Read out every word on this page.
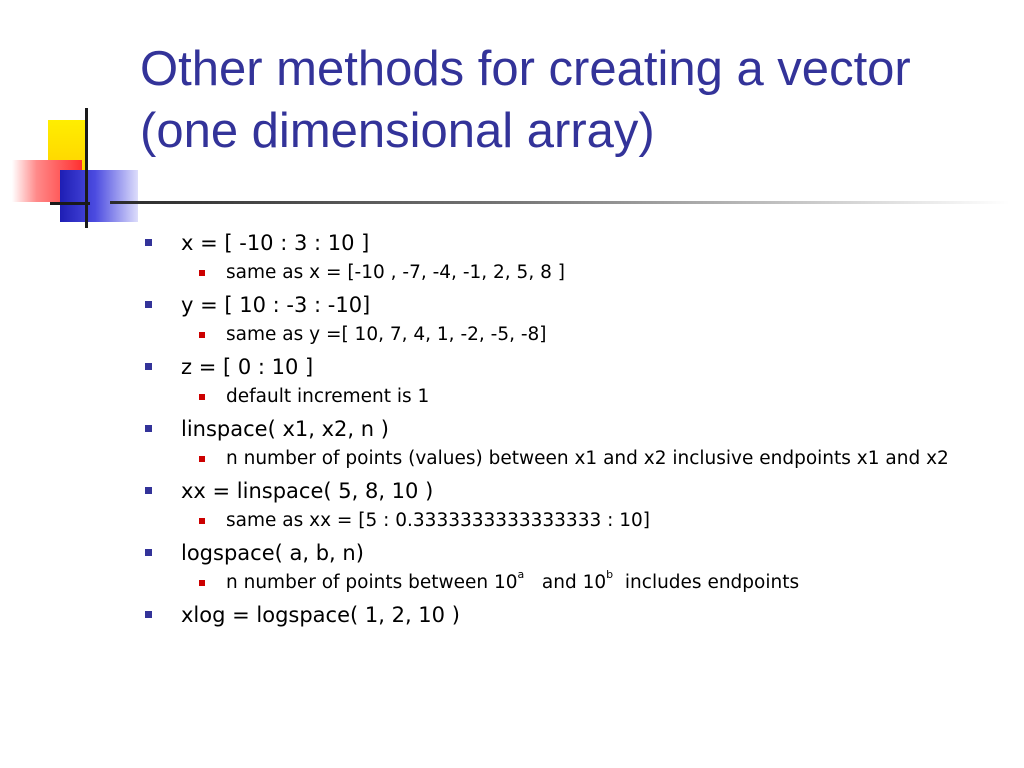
Other methods for creating a vector (one dimensional array)
x = [ -10 : 3 : 10 ]
same as x = [-10 , -7, -4, -1, 2, 5, 8 ]
y = [ 10 : -3 : -10]
same as y =[ 10, 7, 4, 1, -2, -5, -8]
z = [ 0 : 10 ]
default increment is 1
linspace( x1, x2, n )
n number of points (values) between x1 and x2 inclusive endpoints x1 and x2
xx = linspace( 5, 8, 10 )
same as xx = [5 : 0.3333333333333333 : 10]
logspace( a, b, n)
n number of points between 10$^a$   and 10$^b$  includes endpoints
xlog = logspace( 1, 2, 10 )
